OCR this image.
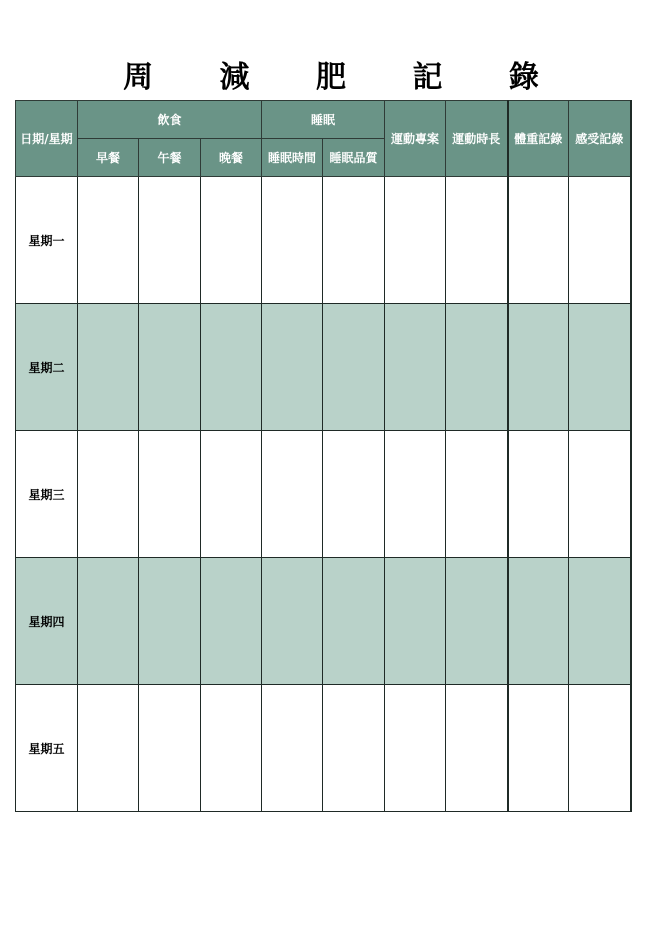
周 減 肥 記 錄
日期/星期	飲食			睡眠		運動專案	運動時長	體重記錄	感受記錄
	早餐	午餐	晚餐	睡眠時間	睡眠品質				
星期一									
星期二									
星期三									
星期四									
星期五									
